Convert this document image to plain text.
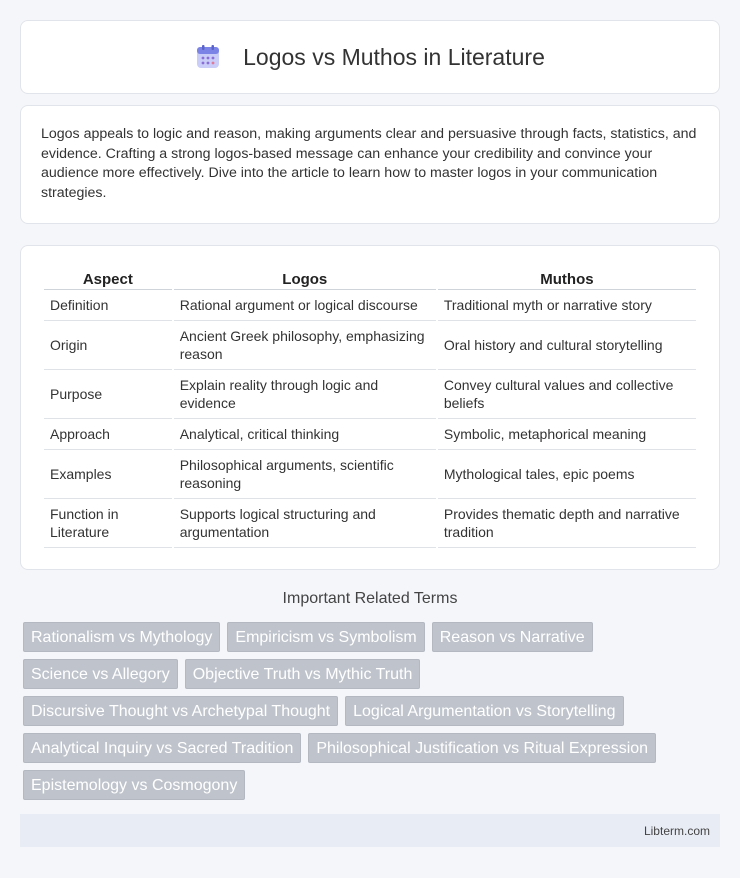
Logos vs Muthos in Literature

Logos appeals to logic and reason, making arguments clear and persuasive through facts, statistics, and evidence. Crafting a strong logos-based message can enhance your credibility and convince your audience more effectively. Dive into the article to learn how to master logos in your communication strategies.

Aspect	Logos	Muthos
Definition	Rational argument or logical discourse	Traditional myth or narrative story
Origin	Ancient Greek philosophy, emphasizing reason	Oral history and cultural storytelling
Purpose	Explain reality through logic and evidence	Convey cultural values and collective beliefs
Approach	Analytical, critical thinking	Symbolic, metaphorical meaning
Examples	Philosophical arguments, scientific reasoning	Mythological tales, epic poems
Function in Literature	Supports logical structuring and argumentation	Provides thematic depth and narrative tradition
Important Related Terms
Rationalism vs Mythology	Empiricism vs Symbolism	Reason vs Narrative
Science vs Allegory	Objective Truth vs Mythic Truth
Discursive Thought vs Archetypal Thought	Logical Argumentation vs Storytelling
Analytical Inquiry vs Sacred Tradition	Philosophical Justification vs Ritual Expression
Epistemology vs Cosmogony
Libterm.com
